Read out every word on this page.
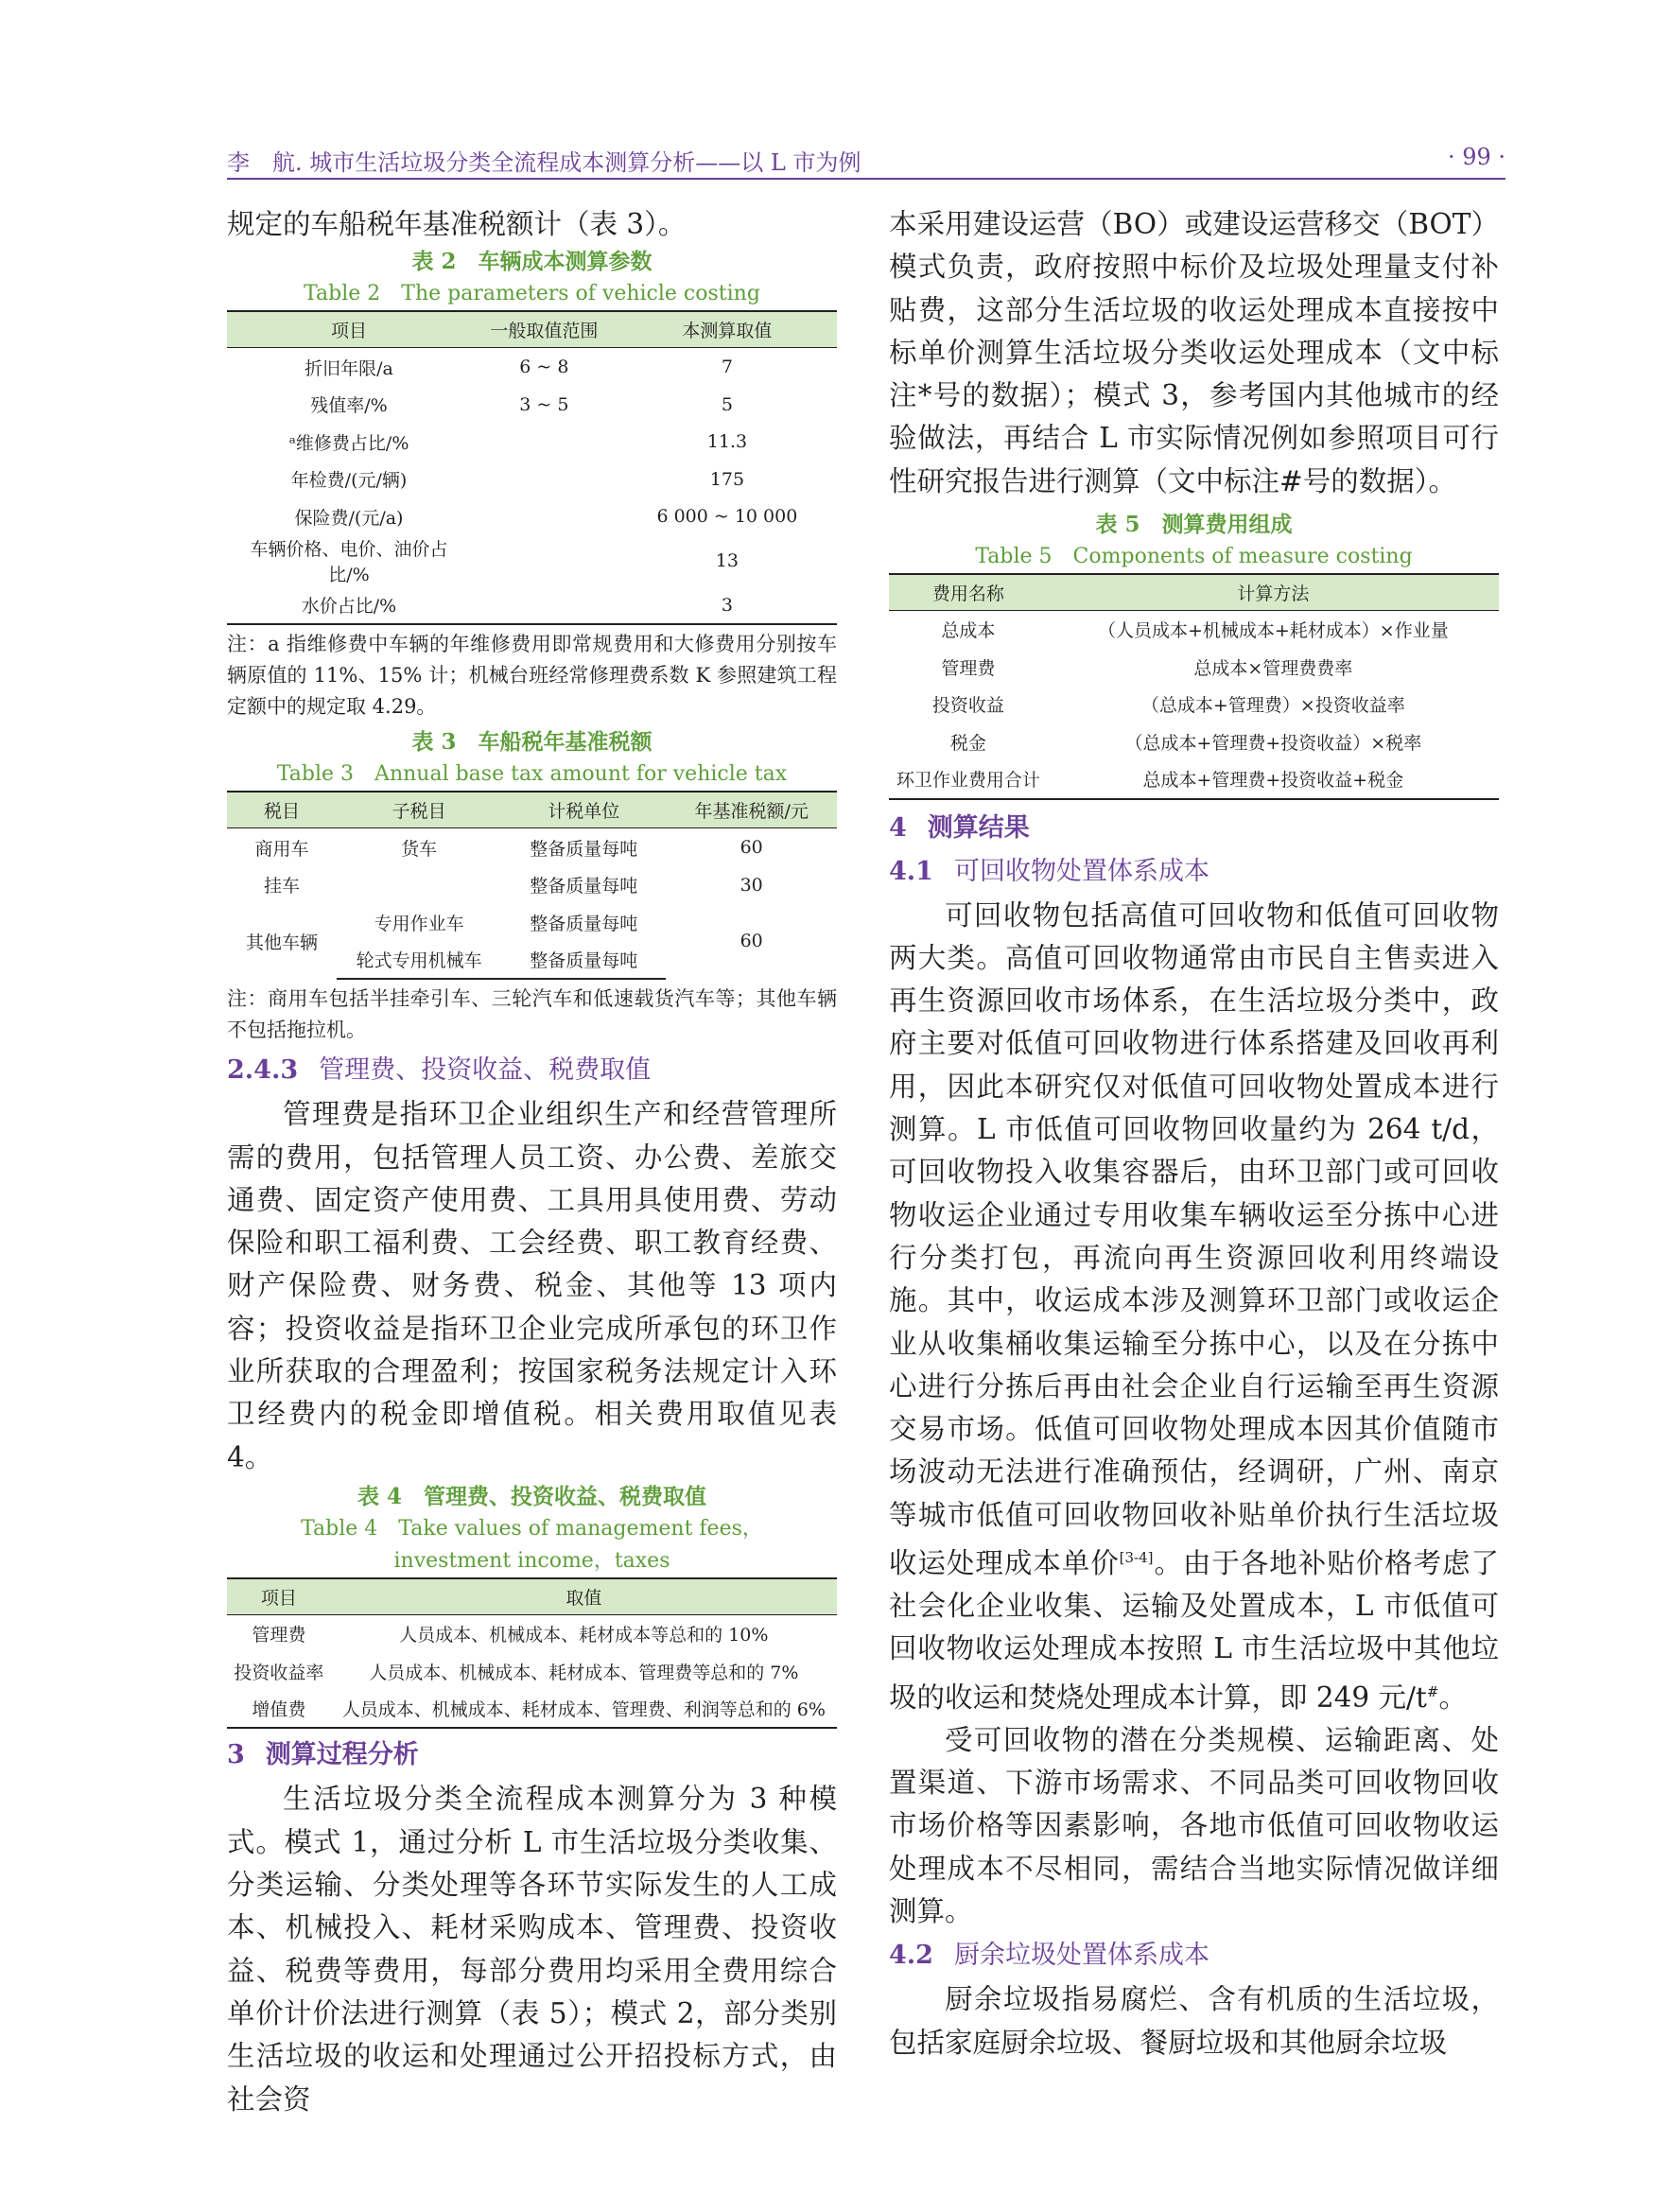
李　航. 城市生活垃圾分类全流程成本测算分析——以 L 市为例	· 99 ·

规定的车船税年基准税额计（表 3）。

表 2　车辆成本测算参数
Table 2　The parameters of vehicle costing
项目	一般取值范围	本测算取值
折旧年限/a	6 ~ 8	7
残值率/%	3 ~ 5	5
ᵃ维修费占比/%		11.3
年检费/(元/辆)		175
保险费/(元/a)		6 000 ~ 10 000
车辆价格、电价、油价占比/%		13
水价占比/%		3
注：a 指维修费中车辆的年维修费用即常规费用和大修费用分别按车辆原值的 11%、15% 计；机械台班经常修理费系数 K 参照建筑工程定额中的规定取 4.29。
表 3　车船税年基准税额
Table 3　Annual base tax amount for vehicle tax
税目	子税目	计税单位	年基准税额/元
商用车	货车	整备质量每吨	60
挂车		整备质量每吨	30
其他车辆	专用作业车	整备质量每吨	60
	轮式专用机械车	整备质量每吨	
注：商用车包括半挂牵引车、三轮汽车和低速载货汽车等；其他车辆不包括拖拉机。
2.4.3 管理费、投资收益、税费取值

管理费是指环卫企业组织生产和经营管理所需的费用，包括管理人员工资、办公费、差旅交通费、固定资产使用费、工具用具使用费、劳动保险和职工福利费、工会经费、职工教育经费、财产保险费、财务费、税金、其他等 13 项内容；投资收益是指环卫企业完成所承包的环卫作业所获取的合理盈利；按国家税务法规定计入环卫经费内的税金即增值税。相关费用取值见表 4。

表 4　管理费、投资收益、税费取值
Table 4　Take values of management fees，investment income，taxes
项目	取值
管理费	人员成本、机械成本、耗材成本等总和的 10%
投资收益率	人员成本、机械成本、耗材成本、管理费等总和的 7%
增值费	人员成本、机械成本、耗材成本、管理费、利润等总和的 6%
3 测算过程分析

生活垃圾分类全流程成本测算分为 3 种模式。模式 1，通过分析 L 市生活垃圾分类收集、分类运输、分类处理等各环节实际发生的人工成本、机械投入、耗材采购成本、管理费、投资收益、税费等费用，每部分费用均采用全费用综合单价计价法进行测算（表 5）；模式 2，部分类别生活垃圾的收运和处理通过公开招投标方式，由社会资

本采用建设运营（BO）或建设运营移交（BOT）模式负责，政府按照中标价及垃圾处理量支付补贴费，这部分生活垃圾的收运处理成本直接按中标单价测算生活垃圾分类收运处理成本（文中标注*号的数据）；模式 3，参考国内其他城市的经验做法，再结合 L 市实际情况例如参照项目可行性研究报告进行测算（文中标注#号的数据）。

表 5　测算费用组成
Table 5　Components of measure costing
费用名称	计算方法
总成本	（人员成本+机械成本+耗材成本）×作业量
管理费	总成本×管理费费率
投资收益	（总成本+管理费）×投资收益率
税金	（总成本+管理费+投资收益）×税率
环卫作业费用合计	总成本+管理费+投资收益+税金
4 测算结果
4.1 可回收物处置体系成本

可回收物包括高值可回收物和低值可回收物两大类。高值可回收物通常由市民自主售卖进入再生资源回收市场体系，在生活垃圾分类中，政府主要对低值可回收物进行体系搭建及回收再利用，因此本研究仅对低值可回收物处置成本进行测算。L 市低值可回收物回收量约为 264 t/d，可回收物投入收集容器后，由环卫部门或可回收物收运企业通过专用收集车辆收运至分拣中心进行分类打包，再流向再生资源回收利用终端设施。其中，收运成本涉及测算环卫部门或收运企业从收集桶收集运输至分拣中心，以及在分拣中心进行分拣后再由社会企业自行运输至再生资源交易市场。低值可回收物处理成本因其价值随市场波动无法进行准确预估，经调研，广州、南京等城市低值可回收物回收补贴单价执行生活垃圾收运处理成本单价[3-4]。由于各地补贴价格考虑了社会化企业收集、运输及处置成本，L 市低值可回收物收运处理成本按照 L 市生活垃圾中其他垃圾的收运和焚烧处理成本计算，即 249 元/t#。

受可回收物的潜在分类规模、运输距离、处置渠道、下游市场需求、不同品类可回收物回收市场价格等因素影响，各地市低值可回收物收运处理成本不尽相同，需结合当地实际情况做详细测算。

4.2 厨余垃圾处置体系成本

厨余垃圾指易腐烂、含有机质的生活垃圾，包括家庭厨余垃圾、餐厨垃圾和其他厨余垃圾
